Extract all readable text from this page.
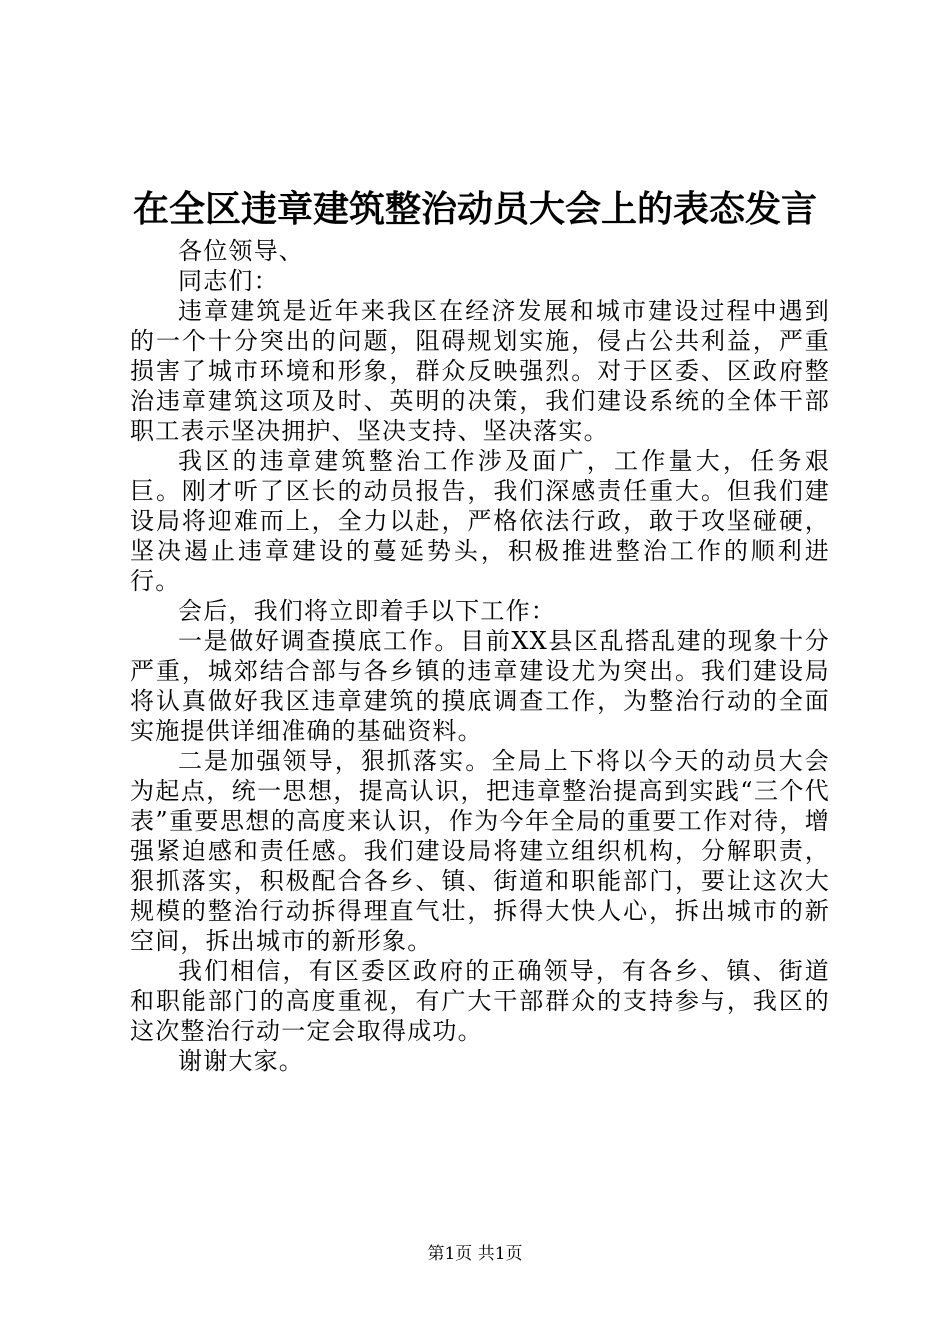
在全区违章建筑整治动员大会上的表态发言

各位领导、

同志们：

违章建筑是近年来我区在经济发展和城市建设过程中遇到的一个十分突出的问题，阻碍规划实施，侵占公共利益，严重损害了城市环境和形象，群众反映强烈。对于区委、区政府整治违章建筑这项及时、英明的决策，我们建设系统的全体干部职工表示坚决拥护、坚决支持、坚决落实。

我区的违章建筑整治工作涉及面广，工作量大，任务艰巨。刚才听了区长的动员报告，我们深感责任重大。但我们建设局将迎难而上，全力以赴，严格依法行政，敢于攻坚碰硬，坚决遏止违章建设的蔓延势头，积极推进整治工作的顺利进行。

会后，我们将立即着手以下工作：

一是做好调查摸底工作。目前XX县区乱搭乱建的现象十分严重，城郊结合部与各乡镇的违章建设尤为突出。我们建设局将认真做好我区违章建筑的摸底调查工作，为整治行动的全面实施提供详细准确的基础资料。

二是加强领导，狠抓落实。全局上下将以今天的动员大会为起点，统一思想，提高认识，把违章整治提高到实践“三个代表”重要思想的高度来认识，作为今年全局的重要工作对待，增强紧迫感和责任感。我们建设局将建立组织机构，分解职责，狠抓落实，积极配合各乡、镇、街道和职能部门，要让这次大规模的整治行动拆得理直气壮，拆得大快人心，拆出城市的新空间，拆出城市的新形象。

我们相信，有区委区政府的正确领导，有各乡、镇、街道和职能部门的高度重视，有广大干部群众的支持参与，我区的这次整治行动一定会取得成功。

谢谢大家。

第1页 共1页
